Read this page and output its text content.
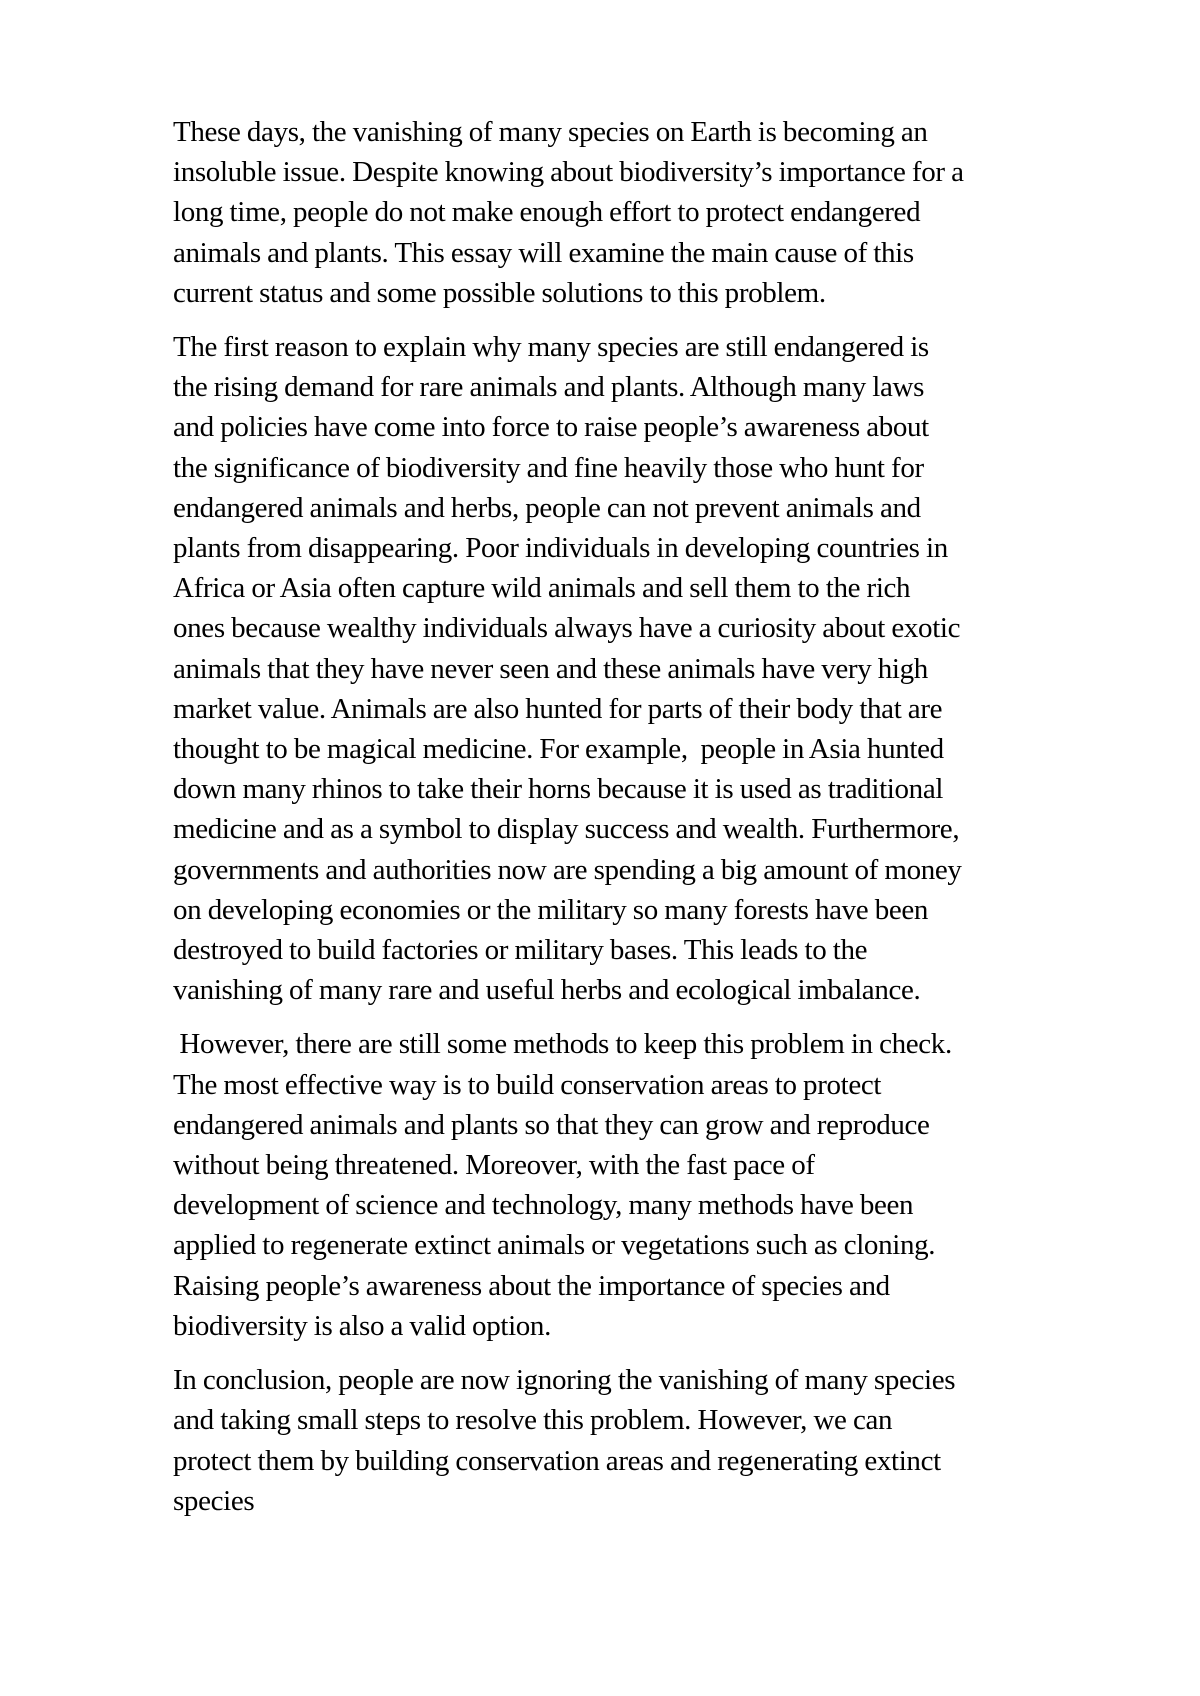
These days, the vanishing of many species on Earth is becoming an
insoluble issue. Despite knowing about biodiversity’s importance for a
long time, people do not make enough effort to protect endangered
animals and plants. This essay will examine the main cause of this
current status and some possible solutions to this problem.

The first reason to explain why many species are still endangered is
the rising demand for rare animals and plants. Although many laws
and policies have come into force to raise people’s awareness about
the significance of biodiversity and fine heavily those who hunt for
endangered animals and herbs, people can not prevent animals and
plants from disappearing. Poor individuals in developing countries in
Africa or Asia often capture wild animals and sell them to the rich
ones because wealthy individuals always have a curiosity about exotic
animals that they have never seen and these animals have very high
market value. Animals are also hunted for parts of their body that are
thought to be magical medicine. For example,  people in Asia hunted
down many rhinos to take their horns because it is used as traditional
medicine and as a symbol to display success and wealth. Furthermore,
governments and authorities now are spending a big amount of money
on developing economies or the military so many forests have been
destroyed to build factories or military bases. This leads to the
vanishing of many rare and useful herbs and ecological imbalance.

However, there are still some methods to keep this problem in check.
The most effective way is to build conservation areas to protect
endangered animals and plants so that they can grow and reproduce
without being threatened. Moreover, with the fast pace of
development of science and technology, many methods have been
applied to regenerate extinct animals or vegetations such as cloning.
Raising people’s awareness about the importance of species and
biodiversity is also a valid option.

In conclusion, people are now ignoring the vanishing of many species
and taking small steps to resolve this problem. However, we can
protect them by building conservation areas and regenerating extinct
species
